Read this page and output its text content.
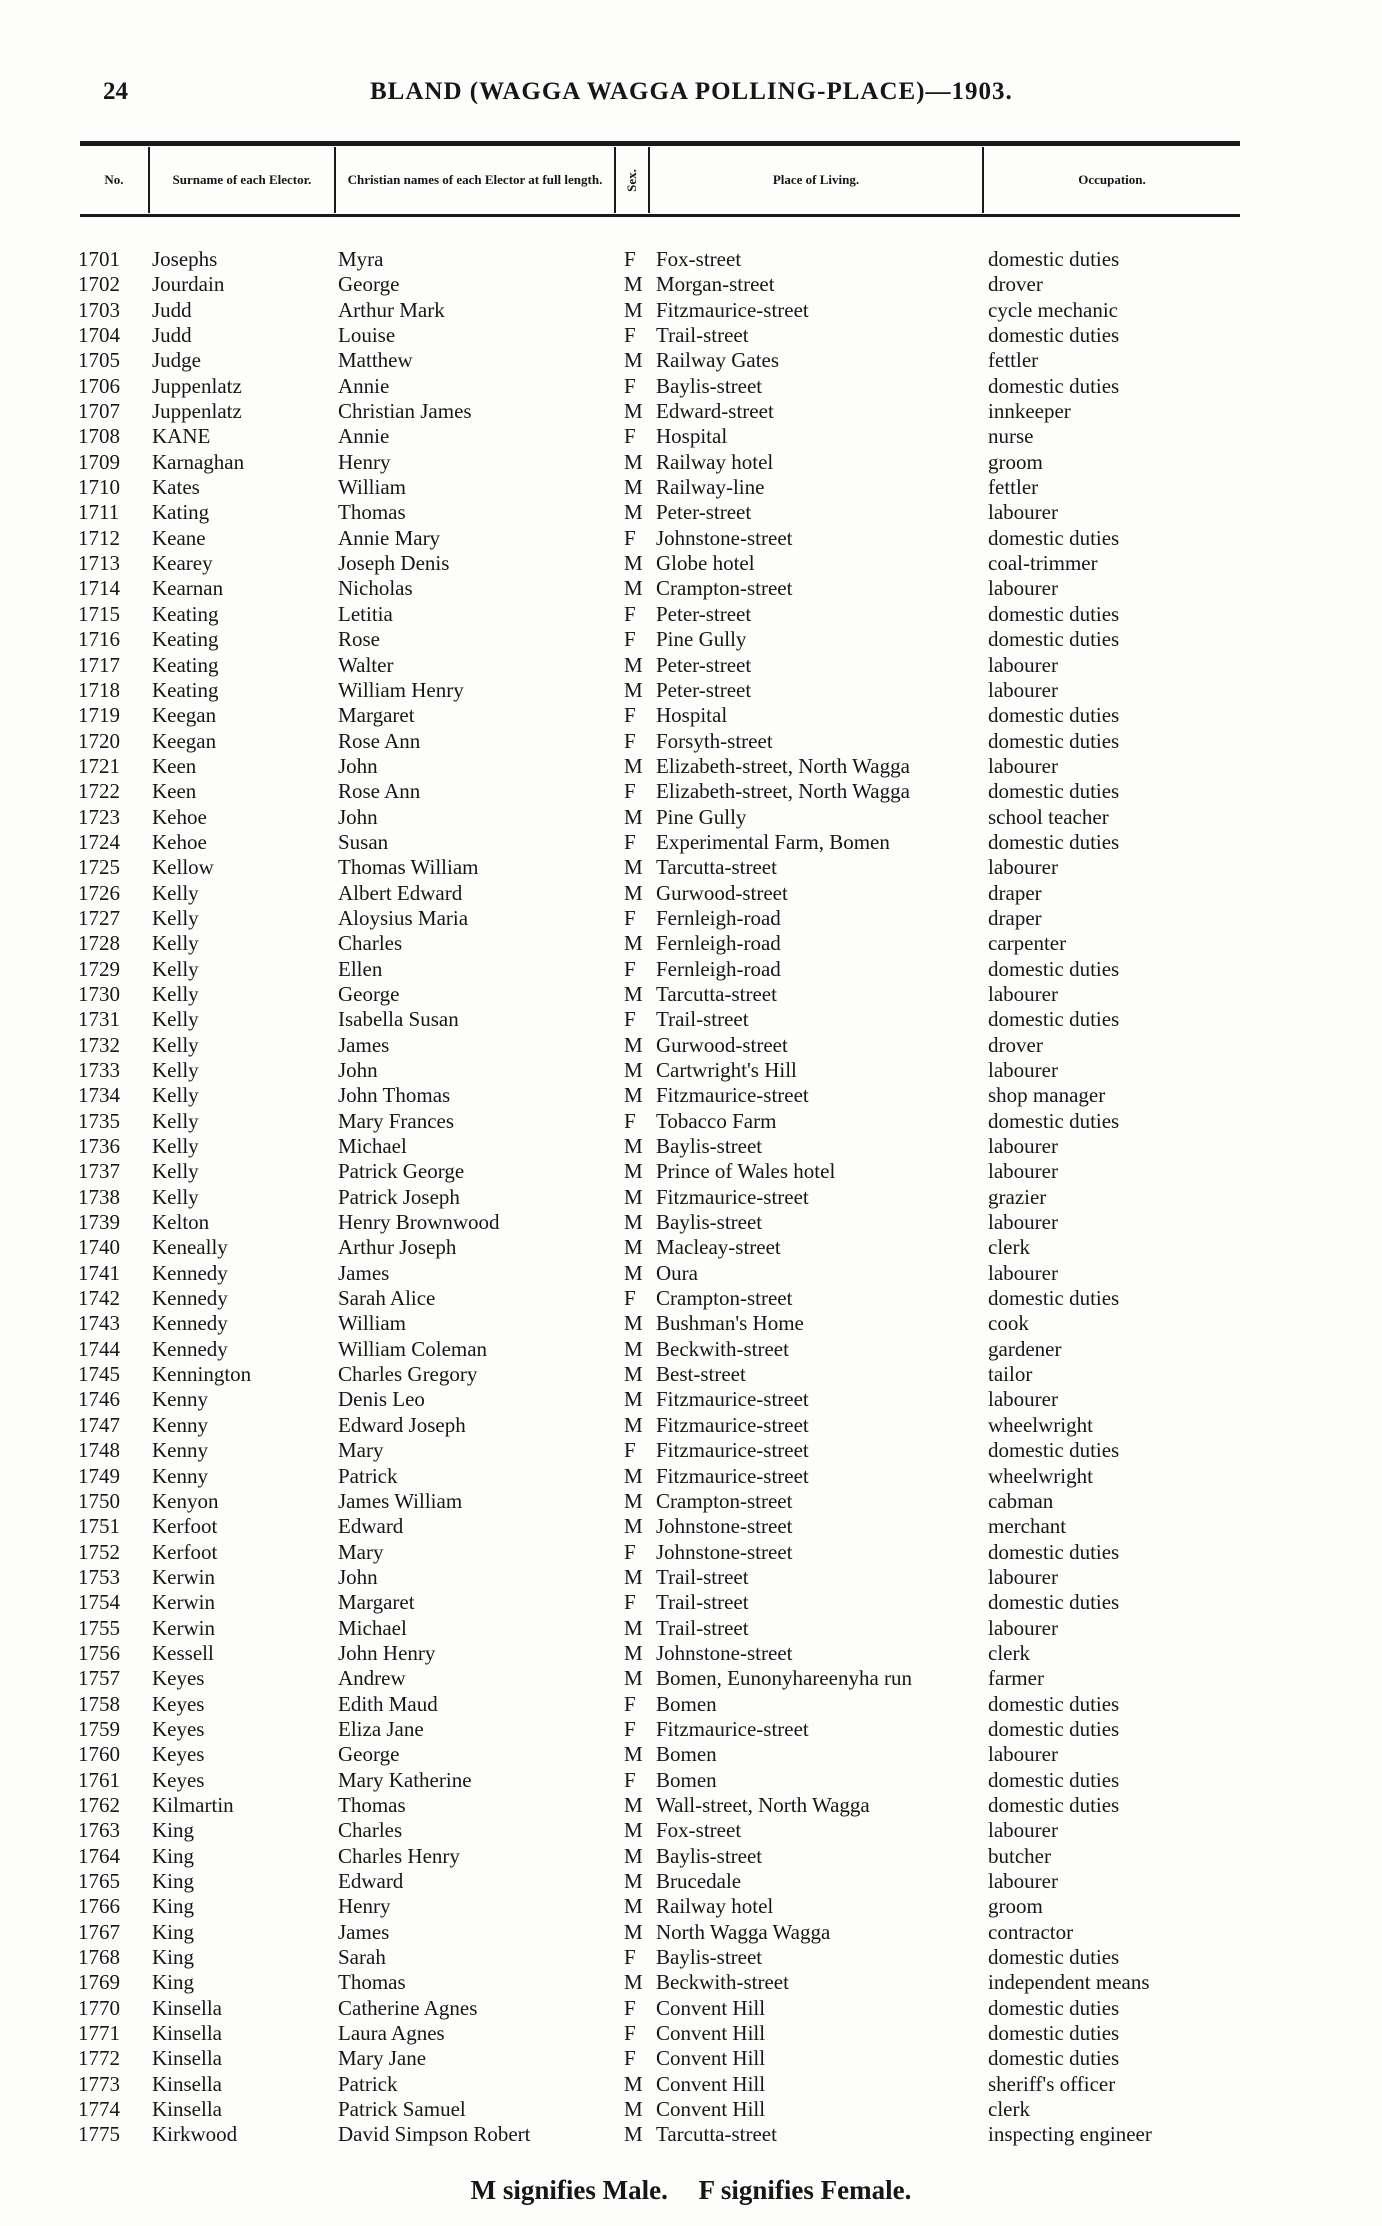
24	BLAND (WAGGA WAGGA POLLING-PLACE)—1903.
No.	Surname of each Elector.	Christian names of each Elector at full length.	Sex.	Place of Living.	Occupation.
1701 Josephs	Myra	F Fox-street	domestic duties
1702 Jourdain	George	M Morgan-street	drover
1703 Judd	Arthur Mark	M Fitzmaurice-street	cycle mechanic
1704 Judd	Louise	F Trail-street	domestic duties
1705 Judge	Matthew	M Railway Gates	fettler
1706 Juppenlatz	Annie	F Baylis-street	domestic duties
1707 Juppenlatz	Christian James	M Edward-street	innkeeper
1708 KANE	Annie	F Hospital	nurse
1709 Karnaghan	Henry	M Railway hotel	groom
1710 Kates	William	M Railway-line	fettler
1711 Kating	Thomas	M Peter-street	labourer
1712 Keane	Annie Mary	F Johnstone-street	domestic duties
1713 Kearey	Joseph Denis	M Globe hotel	coal-trimmer
1714 Kearnan	Nicholas	M Crampton-street	labourer
1715 Keating	Letitia	F Peter-street	domestic duties
1716 Keating	Rose	F Pine Gully	domestic duties
1717 Keating	Walter	M Peter-street	labourer
1718 Keating	William Henry	M Peter-street	labourer
1719 Keegan	Margaret	F Hospital	domestic duties
1720 Keegan	Rose Ann	F Forsyth-street	domestic duties
1721 Keen	John	M Elizabeth-street, North Wagga	labourer
1722 Keen	Rose Ann	F Elizabeth-street, North Wagga	domestic duties
1723 Kehoe	John	M Pine Gully	school teacher
1724 Kehoe	Susan	F Experimental Farm, Bomen	domestic duties
1725 Kellow	Thomas William	M Tarcutta-street	labourer
1726 Kelly	Albert Edward	M Gurwood-street	draper
1727 Kelly	Aloysius Maria	F Fernleigh-road	draper
1728 Kelly	Charles	M Fernleigh-road	carpenter
1729 Kelly	Ellen	F Fernleigh-road	domestic duties
1730 Kelly	George	M Tarcutta-street	labourer
1731 Kelly	Isabella Susan	F Trail-street	domestic duties
1732 Kelly	James	M Gurwood-street	drover
1733 Kelly	John	M Cartwright's Hill	labourer
1734 Kelly	John Thomas	M Fitzmaurice-street	shop manager
1735 Kelly	Mary Frances	F Tobacco Farm	domestic duties
1736 Kelly	Michael	M Baylis-street	labourer
1737 Kelly	Patrick George	M Prince of Wales hotel	labourer
1738 Kelly	Patrick Joseph	M Fitzmaurice-street	grazier
1739 Kelton	Henry Brownwood	M Baylis-street	labourer
1740 Keneally	Arthur Joseph	M Macleay-street	clerk
1741 Kennedy	James	M Oura	labourer
1742 Kennedy	Sarah Alice	F Crampton-street	domestic duties
1743 Kennedy	William	M Bushman's Home	cook
1744 Kennedy	William Coleman	M Beckwith-street	gardener
1745 Kennington	Charles Gregory	M Best-street	tailor
1746 Kenny	Denis Leo	M Fitzmaurice-street	labourer
1747 Kenny	Edward Joseph	M Fitzmaurice-street	wheelwright
1748 Kenny	Mary	F Fitzmaurice-street	domestic duties
1749 Kenny	Patrick	M Fitzmaurice-street	wheelwright
1750 Kenyon	James William	M Crampton-street	cabman
1751 Kerfoot	Edward	M Johnstone-street	merchant
1752 Kerfoot	Mary	F Johnstone-street	domestic duties
1753 Kerwin	John	M Trail-street	labourer
1754 Kerwin	Margaret	F Trail-street	domestic duties
1755 Kerwin	Michael	M Trail-street	labourer
1756 Kessell	John Henry	M Johnstone-street	clerk
1757 Keyes	Andrew	M Bomen, Eunonyhareenyha run	farmer
1758 Keyes	Edith Maud	F Bomen	domestic duties
1759 Keyes	Eliza Jane	F Fitzmaurice-street	domestic duties
1760 Keyes	George	M Bomen	labourer
1761 Keyes	Mary Katherine	F Bomen	domestic duties
1762 Kilmartin	Thomas	M Wall-street, North Wagga	domestic duties
1763 King	Charles	M Fox-street	labourer
1764 King	Charles Henry	M Baylis-street	butcher
1765 King	Edward	M Brucedale	labourer
1766 King	Henry	M Railway hotel	groom
1767 King	James	M North Wagga Wagga	contractor
1768 King	Sarah	F Baylis-street	domestic duties
1769 King	Thomas	M Beckwith-street	independent means
1770 Kinsella	Catherine Agnes	F Convent Hill	domestic duties
1771 Kinsella	Laura Agnes	F Convent Hill	domestic duties
1772 Kinsella	Mary Jane	F Convent Hill	domestic duties
1773 Kinsella	Patrick	M Convent Hill	sheriff's officer
1774 Kinsella	Patrick Samuel	M Convent Hill	clerk
1775 Kirkwood	David Simpson Robert	M Tarcutta-street	inspecting engineer
M signifies Male. F signifies Female.
